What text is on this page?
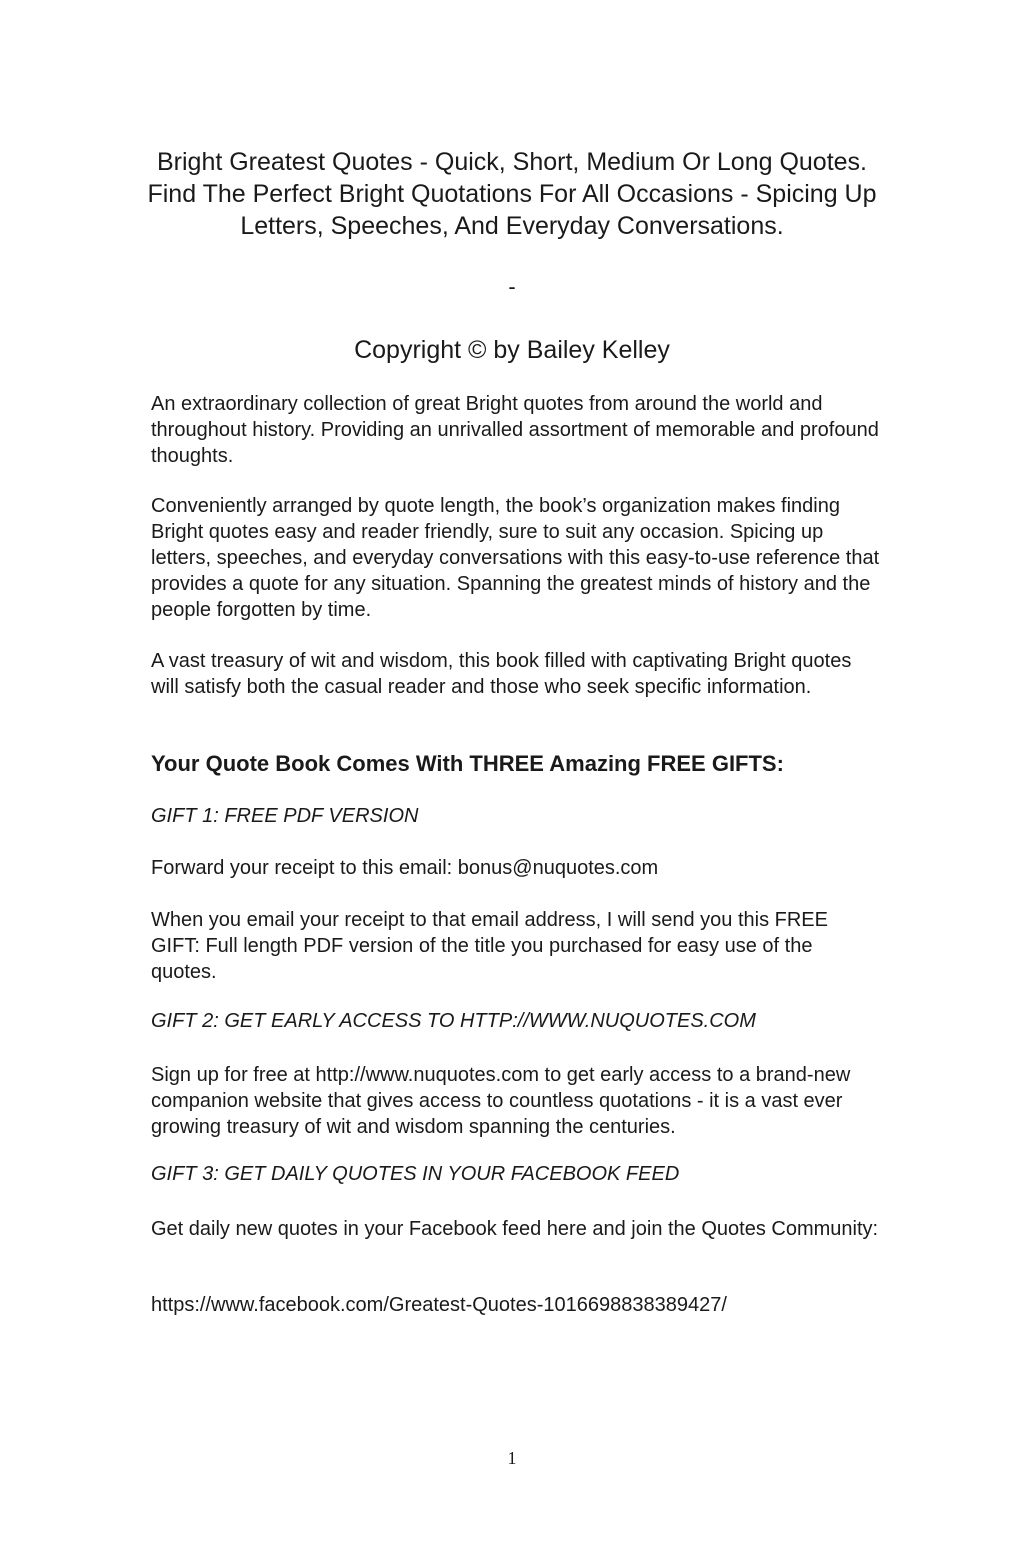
Bright Greatest Quotes - Quick, Short, Medium Or Long Quotes. Find The Perfect Bright Quotations For All Occasions - Spicing Up Letters, Speeches, And Everyday Conversations.
-
Copyright © by Bailey Kelley

An extraordinary collection of great Bright quotes from around the world and throughout history. Providing an unrivalled assortment of memorable and profound thoughts.

Conveniently arranged by quote length, the book’s organization makes finding Bright quotes easy and reader friendly, sure to suit any occasion. Spicing up letters, speeches, and everyday conversations with this easy-to-use reference that provides a quote for any situation. Spanning the greatest minds of history and the people forgotten by time.

A vast treasury of wit and wisdom, this book filled with captivating Bright quotes will satisfy both the casual reader and those who seek specific information.

Your Quote Book Comes With THREE Amazing FREE GIFTS:

GIFT 1: FREE PDF VERSION

Forward your receipt to this email: bonus@nuquotes.com

When you email your receipt to that email address, I will send you this FREE GIFT: Full length PDF version of the title you purchased for easy use of the quotes.

GIFT 2: GET EARLY ACCESS TO HTTP://WWW.NUQUOTES.COM

Sign up for free at http://www.nuquotes.com to get early access to a brand-new companion website that gives access to countless quotations - it is a vast ever growing treasury of wit and wisdom spanning the centuries.

GIFT 3: GET DAILY QUOTES IN YOUR FACEBOOK FEED

Get daily new quotes in your Facebook feed here and join the Quotes Community:

https://www.facebook.com/Greatest-Quotes-1016698838389427/

1
